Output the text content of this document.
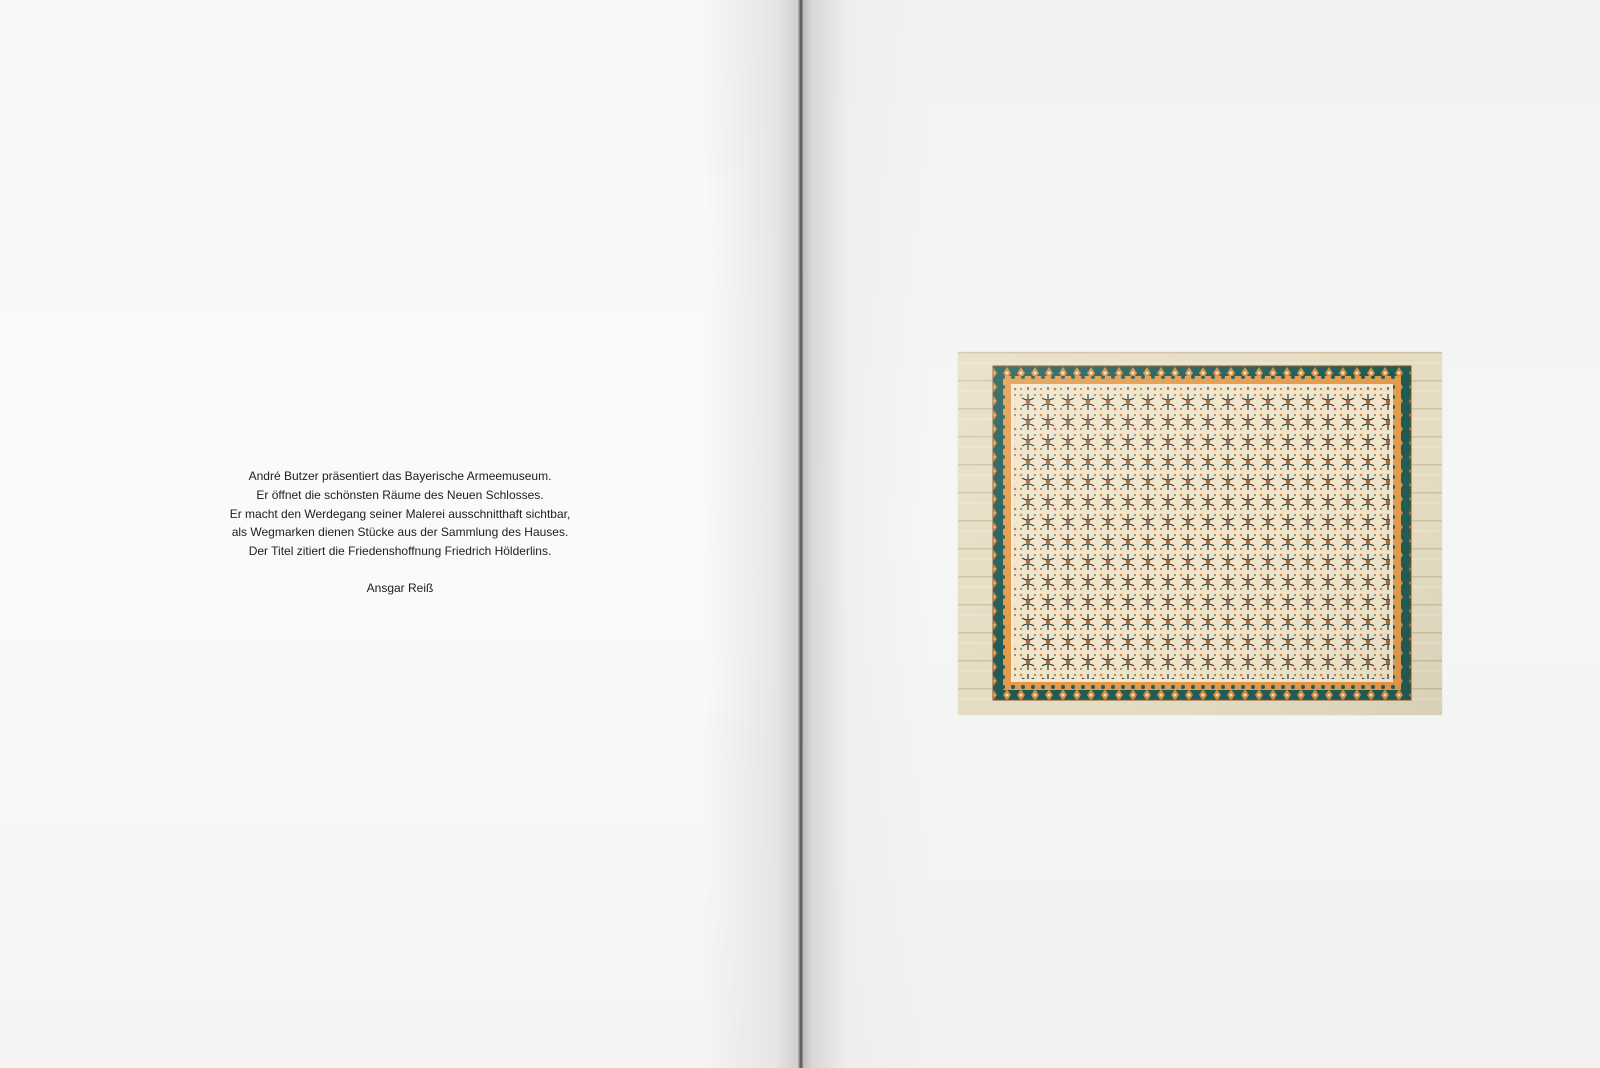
André Butzer präsentiert das Bayerische Armeemuseum.
Er öffnet die schönsten Räume des Neuen Schlosses.
Er macht den Werdegang seiner Malerei ausschnitthaft sichtbar,
als Wegmarken dienen Stücke aus der Sammlung des Hauses.
Der Titel zitiert die Friedenshoffnung Friedrich Hölderlins.
Ansgar Reiß
